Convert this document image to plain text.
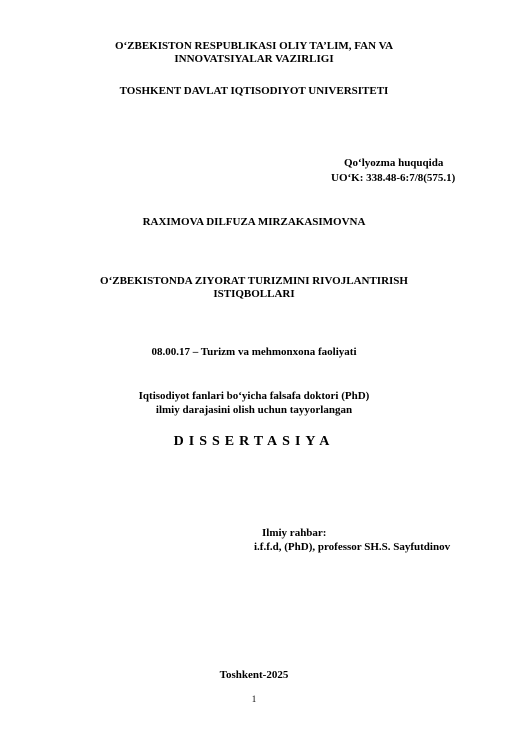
O‘ZBEKISTON RESPUBLIKASI OLIY TA’LIM, FAN VA
INNOVATSIYALAR VAZIRLIGI
TOSHKENT DAVLAT IQTISODIYOT UNIVERSITETI
Qo‘lyozma huquqida
UO‘K: 338.48-6:7/8(575.1)
RAXIMOVA DILFUZA MIRZAKASIMOVNA
O‘ZBEKISTONDA ZIYORAT TURIZMINI RIVOJLANTIRISH
ISTIQBOLLARI
08.00.17 – Turizm va mehmonxona faoliyati
Iqtisodiyot fanlari bo‘yicha falsafa doktori (PhD)
ilmiy darajasini olish uchun tayyorlangan
DISSERTASIYA
Ilmiy rahbar:
i.f.f.d, (PhD), professor SH.S. Sayfutdinov
Toshkent-2025
1
